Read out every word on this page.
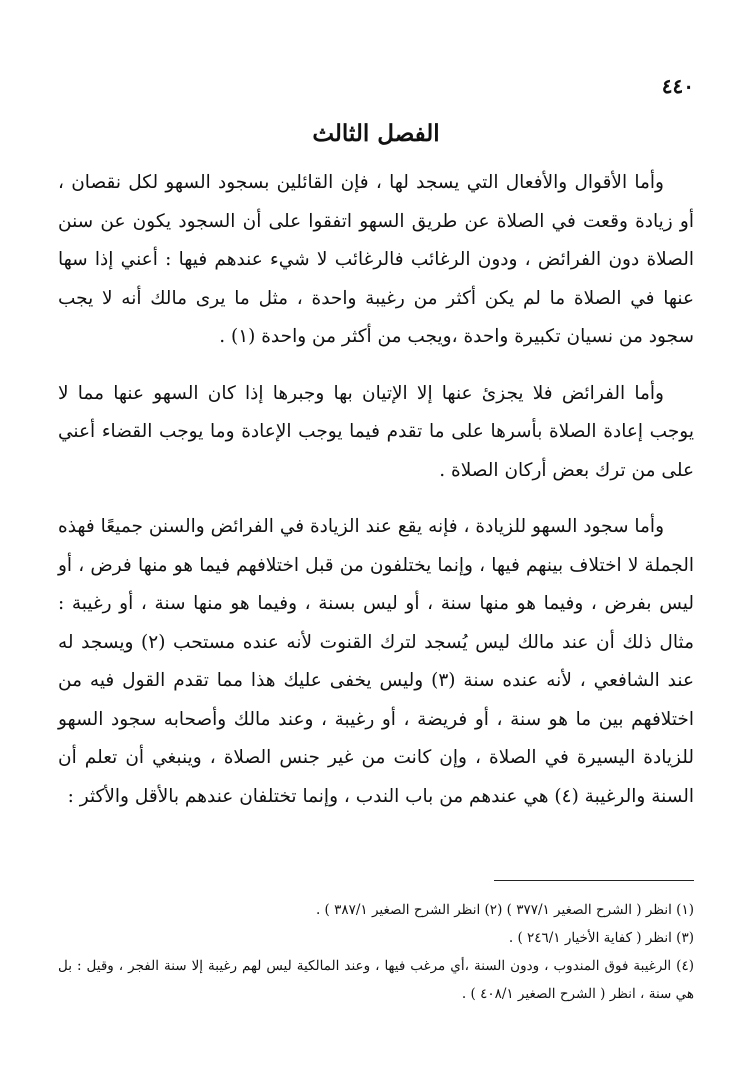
٤٤٠
الفصل الثالث

وأما الأقوال والأفعال التي يسجد لها ، فإن القائلين بسجود السهو لكل نقصان ، أو زيادة وقعت في الصلاة عن طريق السهو اتفقوا على أن السجود يكون عن سنن الصلاة دون الفرائض ، ودون الرغائب فالرغائب لا شيء عندهم فيها : أعني إذا سها عنها في الصلاة ما لم يكن أكثر من رغيبة واحدة ، مثل ما يرى مالك أنه لا يجب سجود من نسيان تكبيرة واحدة ،ويجب من أكثر من واحدة (١) .

وأما الفرائض فلا يجزئ عنها إلا الإتيان بها وجبرها إذا كان السهو عنها مما لا يوجب إعادة الصلاة بأسرها على ما تقدم فيما يوجب الإعادة وما يوجب القضاء أعني على من ترك بعض أركان الصلاة .

وأما سجود السهو للزيادة ، فإنه يقع عند الزيادة في الفرائض والسنن جميعًا فهذه الجملة لا اختلاف بينهم فيها ، وإنما يختلفون من قبل اختلافهم فيما هو منها فرض ، أو ليس بفرض ، وفيما هو منها سنة ، أو ليس بسنة ، وفيما هو منها سنة ، أو رغيبة : مثال ذلك أن عند مالك ليس يُسجد لترك القنوت لأنه عنده مستحب (٢) ويسجد له عند الشافعي ، لأنه عنده سنة (٣) وليس يخفى عليك هذا مما تقدم القول فيه من اختلافهم بين ما هو سنة ، أو فريضة ، أو رغيبة ، وعند مالك وأصحابه سجود السهو للزيادة اليسيرة في الصلاة ، وإن كانت من غير جنس الصلاة ، وينبغي أن تعلم أن السنة والرغيبة (٤) هي عندهم من باب الندب ، وإنما تختلفان عندهم بالأقل والأكثر :

(١) انظر ( الشرح الصغير ٣٧٧/١ ) (٢) انظر الشرح الصغير ٣٨٧/١ ) .

(٣) انظر ( كفاية الأخيار ٢٤٦/١ ) .

(٤) الرغيبة فوق المندوب ، ودون السنة ،أي مرغب فيها ، وعند المالكية ليس لهم رغيبة إلا سنة الفجر ، وقيل : بل هي سنة ، انظر ( الشرح الصغير ٤٠٨/١ ) .
